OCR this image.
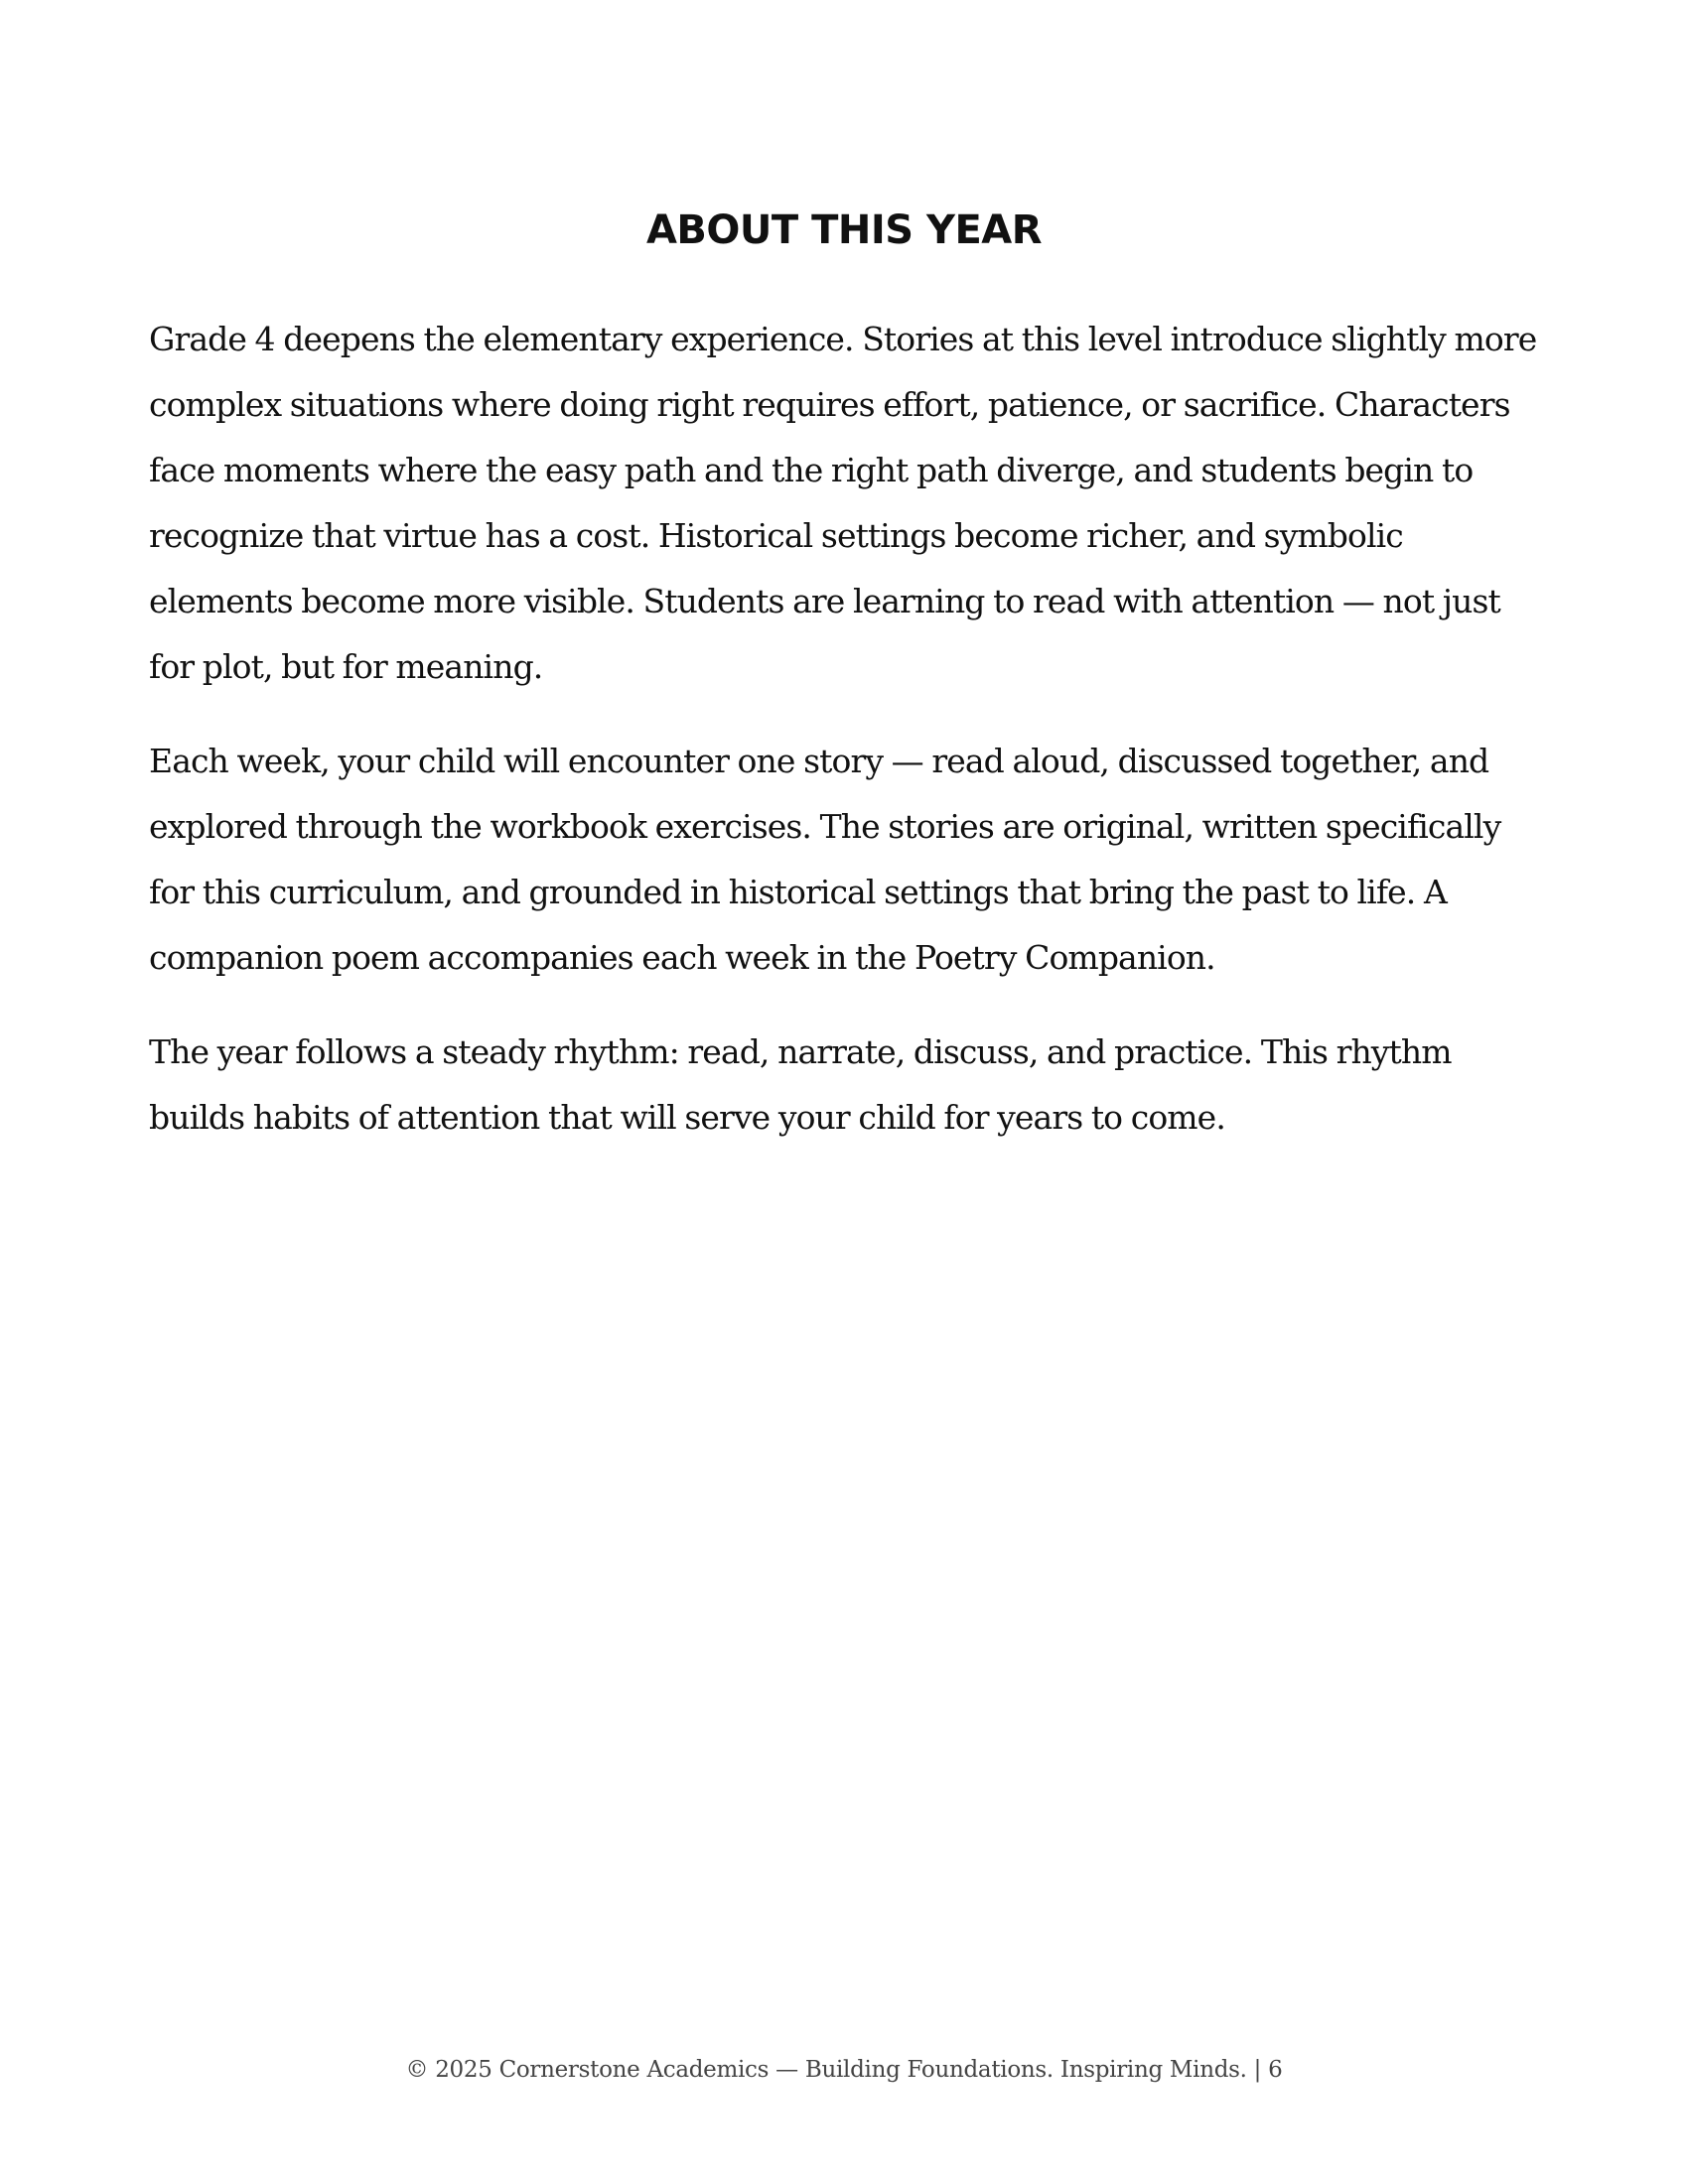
ABOUT THIS YEAR

Grade 4 deepens the elementary experience. Stories at this level introduce slightly more complex situations where doing right requires effort, patience, or sacrifice. Characters face moments where the easy path and the right path diverge, and students begin to recognize that virtue has a cost. Historical settings become richer, and symbolic elements become more visible. Students are learning to read with attention — not just for plot, but for meaning.

Each week, your child will encounter one story — read aloud, discussed together, and explored through the workbook exercises. The stories are original, written specifically for this curriculum, and grounded in historical settings that bring the past to life. A companion poem accompanies each week in the Poetry Companion.

The year follows a steady rhythm: read, narrate, discuss, and practice. This rhythm builds habits of attention that will serve your child for years to come.

© 2025 Cornerstone Academics — Building Foundations. Inspiring Minds. | 6
